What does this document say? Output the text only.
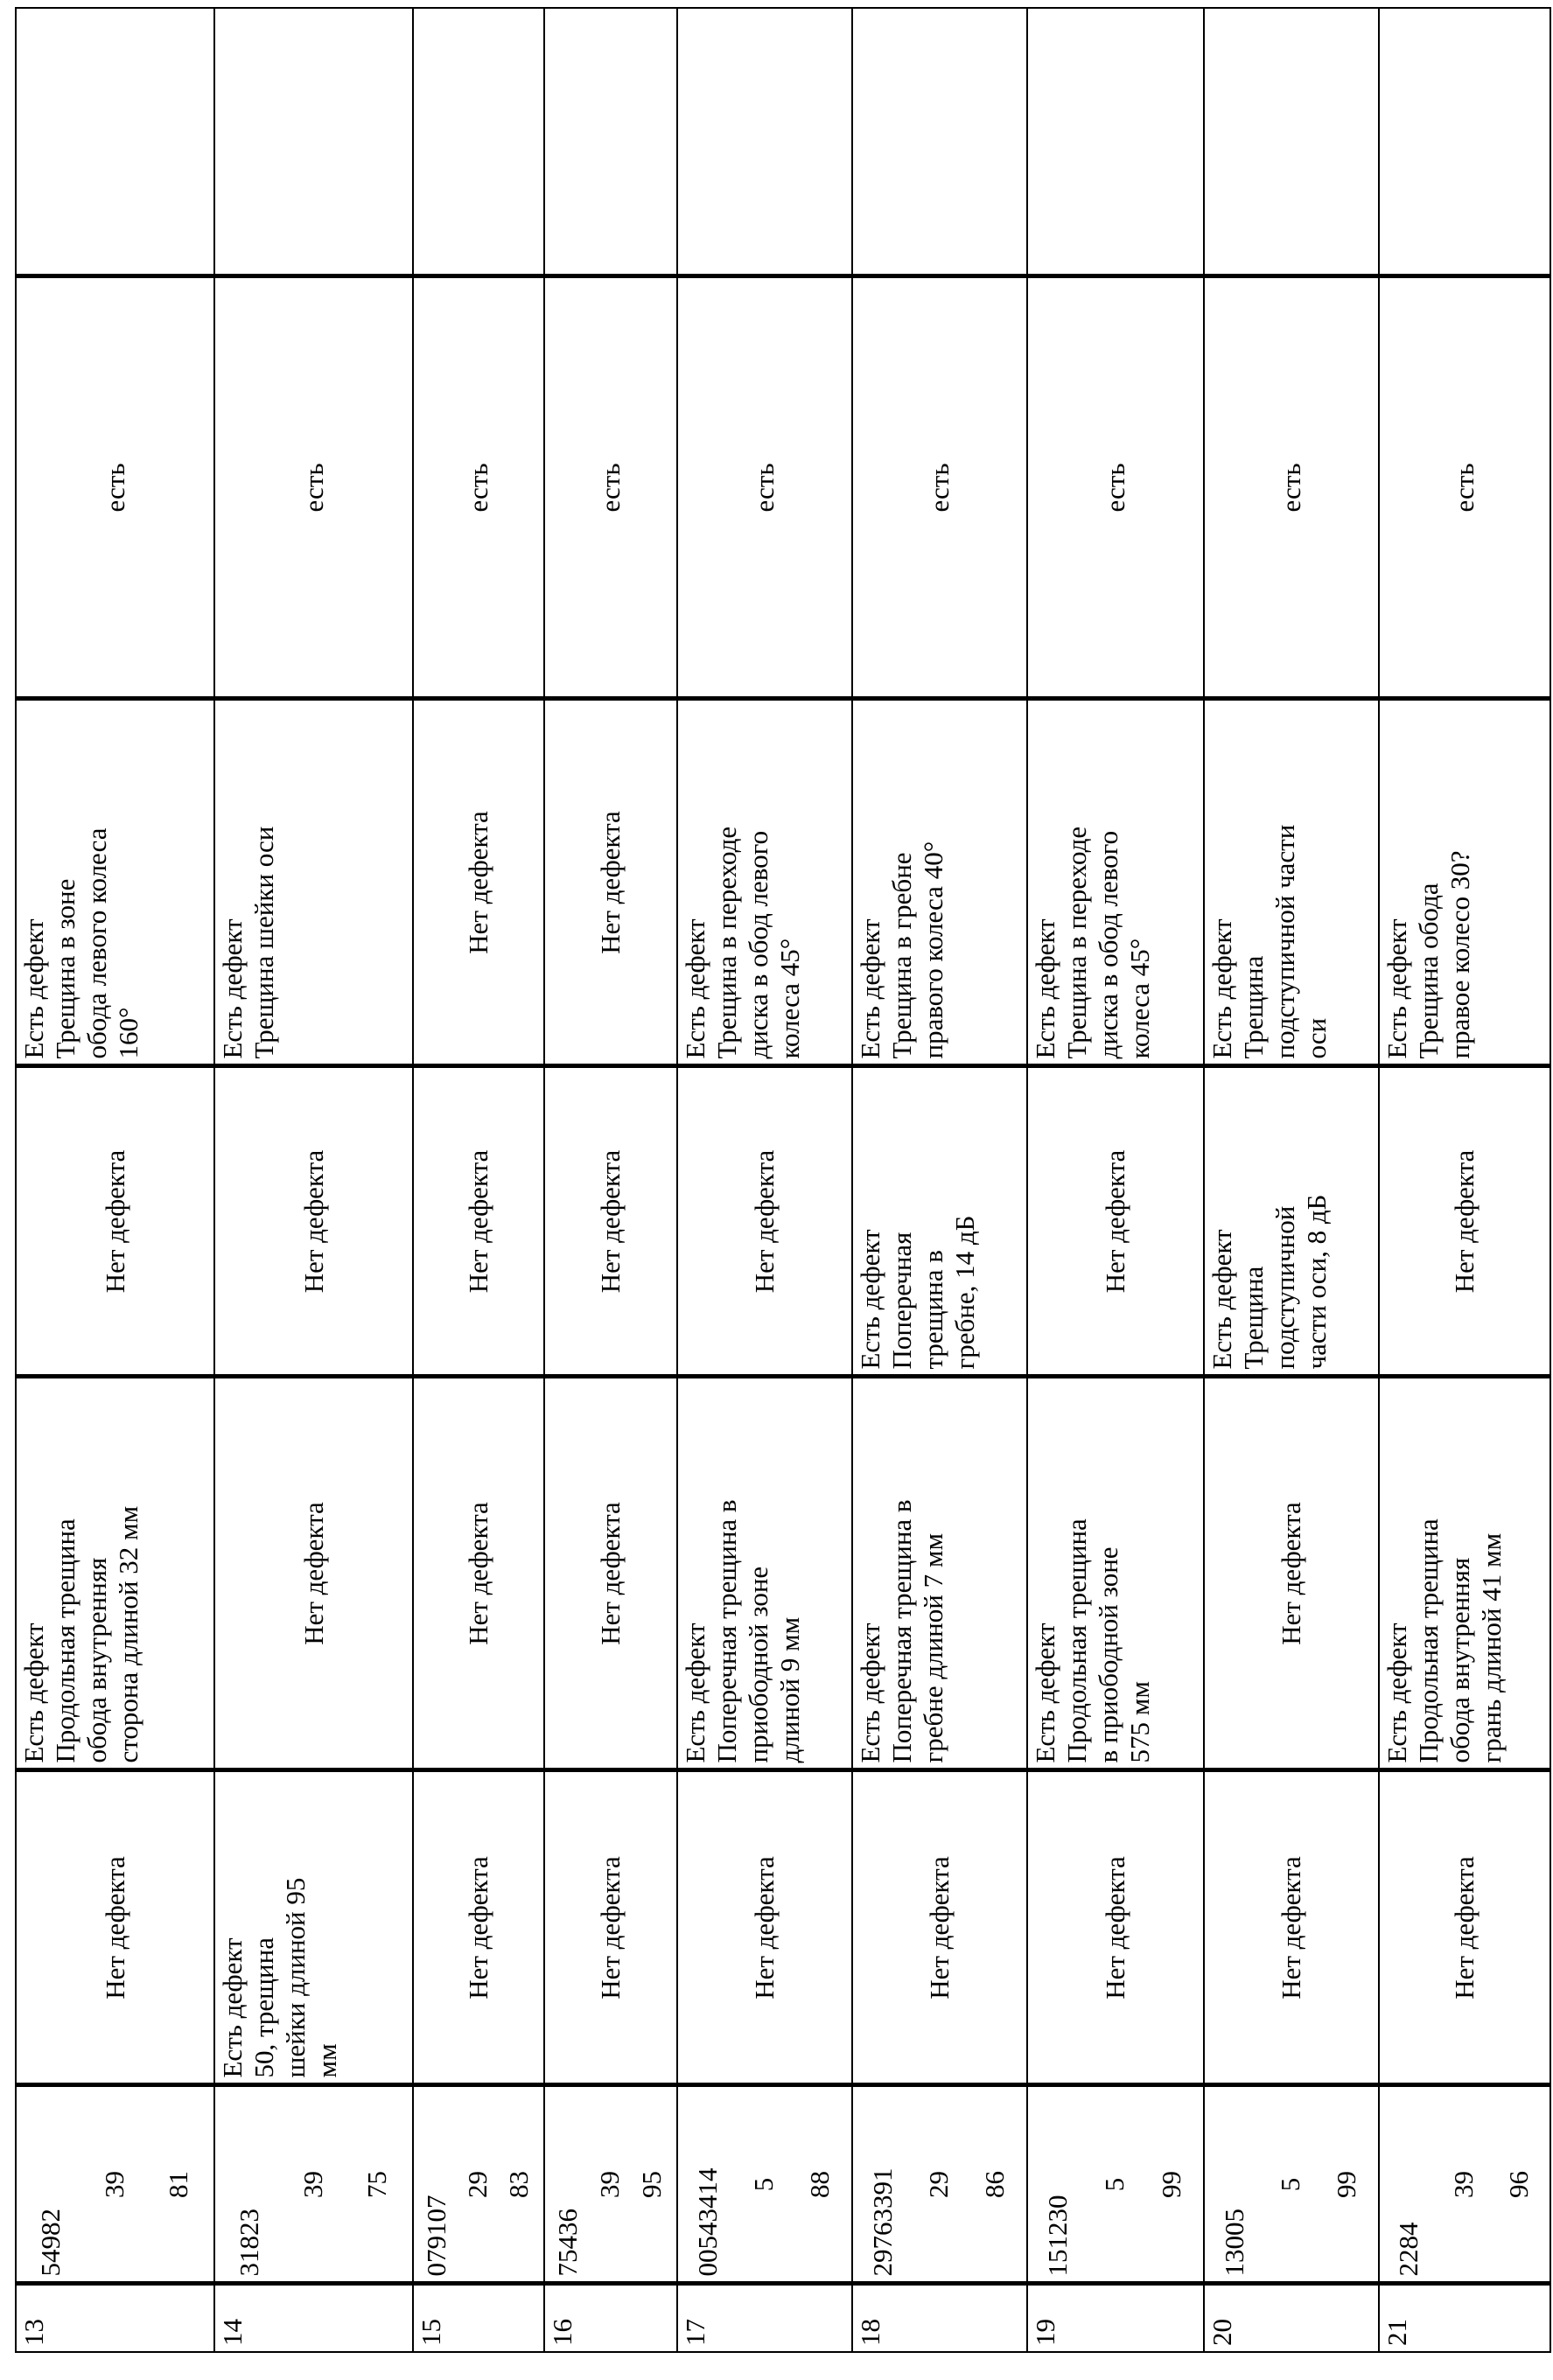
13	
54982
39 81
	Нет дефекта	Есть дефект
Продольная трещина
обода внутренняя
сторона длиной 32 мм	Нет дефекта	Есть дефект
Трещина в зоне
обода левого колеса
160°	есть	
14	
31823
39 75
	Есть дефект
50, трещина
шейки длиной 95
мм	Нет дефекта	Нет дефекта	Есть дефект
Трещина шейки оси	есть	
15	
079107
29 83
	Нет дефекта	Нет дефекта	Нет дефекта	Нет дефекта	есть	
16	
75436
39 95
	Нет дефекта	Нет дефекта	Нет дефекта	Нет дефекта	есть	
17	
00543414 5 88
	Нет дефекта	Есть дефект
Поперечная трещина в
приободной зоне
длиной 9 мм	Нет дефекта	Есть дефект
Трещина в переходе
диска в обод левого
колеса 45°	есть	
18	
29763391 29 86
	Нет дефекта	Есть дефект
Поперечная трещина в
гребне длиной 7 мм	Есть дефект
Поперечная
трещина в
гребне, 14 дБ	Есть дефект
Трещина в гребне
правого колеса 40°	есть	
19	
151230
5 99
	Нет дефекта	Есть дефект
Продольная трещина
в приободной зоне
575 мм	Нет дефекта	Есть дефект
Трещина в переходе
диска в обод левого
колеса 45°	есть	
20	
13005
5 99
	Нет дефекта	Нет дефекта	Есть дефект
Трещина
подступичной
части оси, 8 дБ	Есть дефект
Трещина
подступичной части
оси	есть	
21	
2284
39 96
	Нет дефекта	Есть дефект
Продольная трещина
обода внутренняя
грань длиной 41 мм	Нет дефекта	Есть дефект
Трещина обода
правое колесо 30?	есть	
